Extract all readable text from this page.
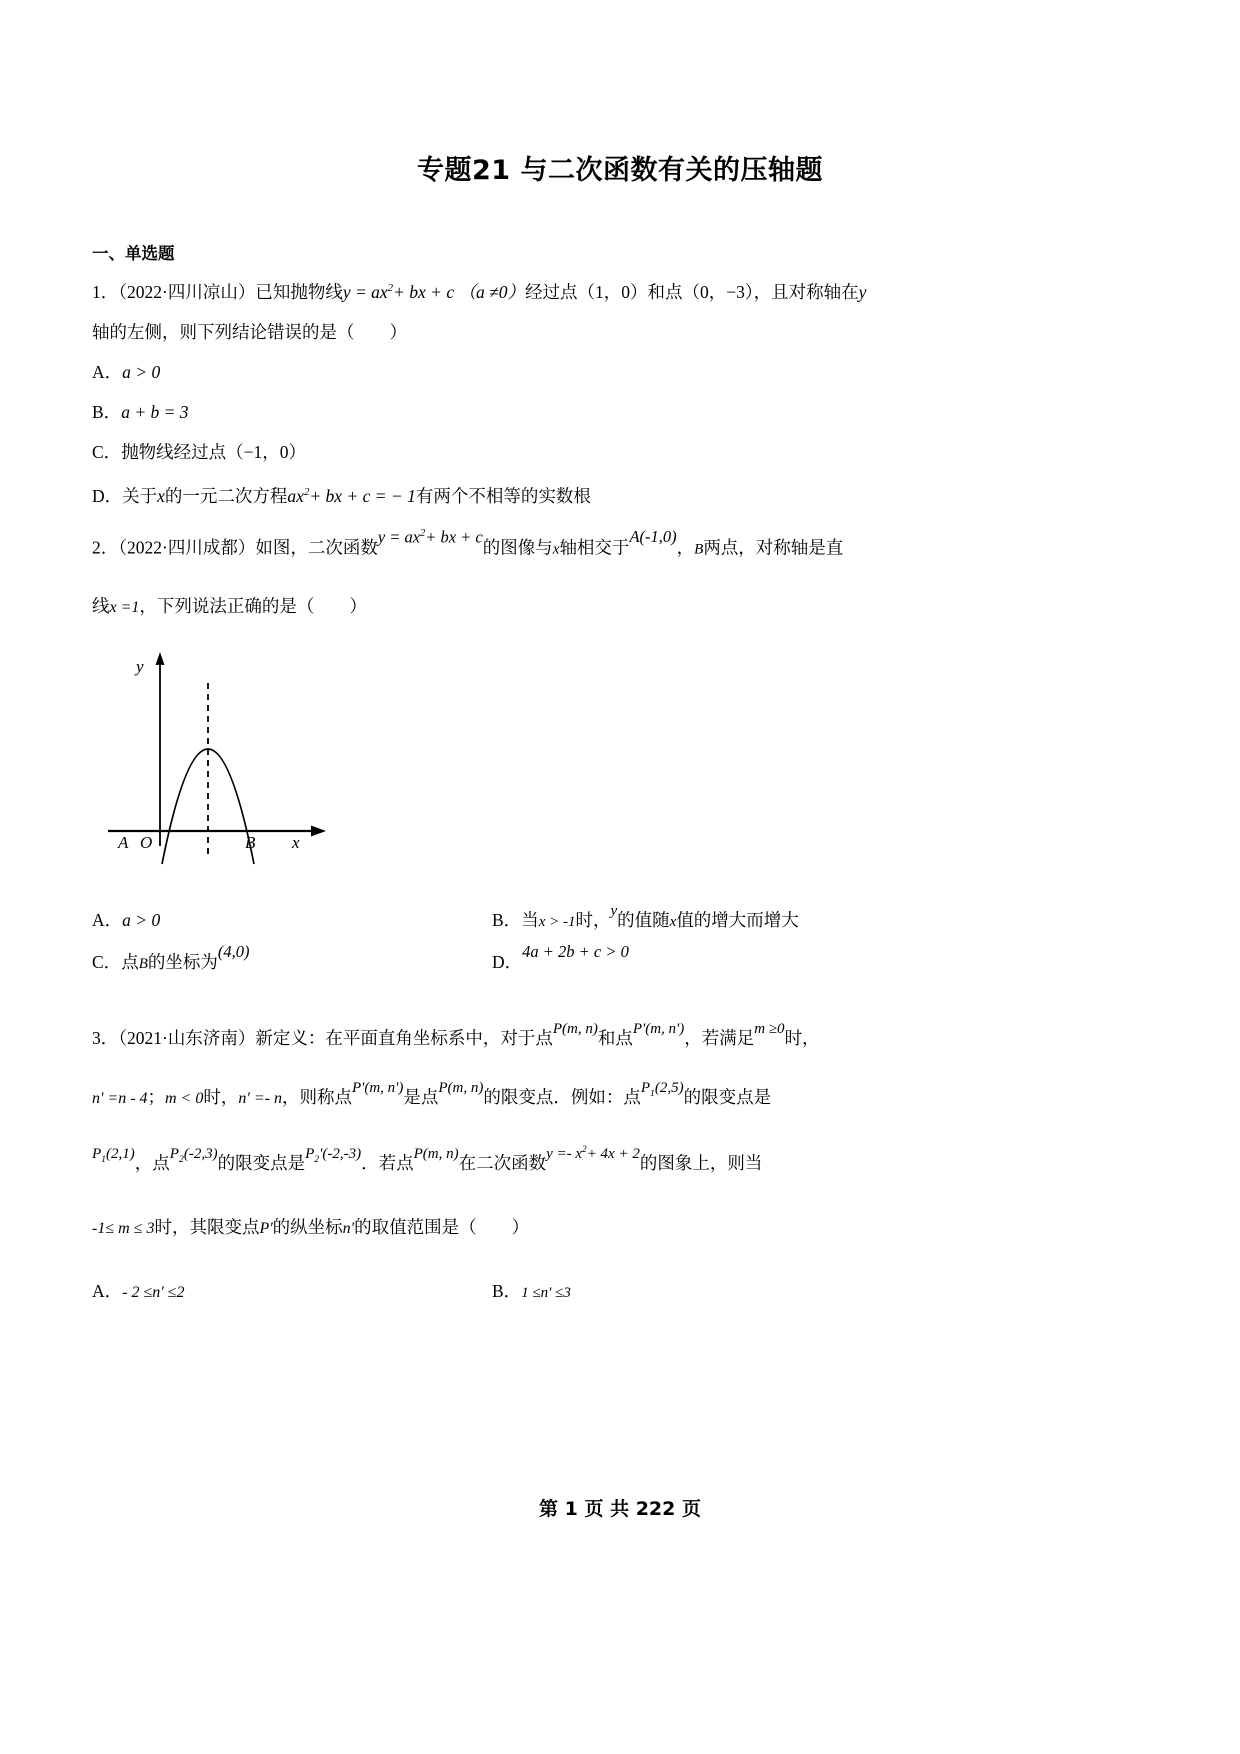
专题21 与二次函数有关的压轴题
一、单选题
1．（2022·四川凉山）已知抛物线$y = ax^2+$ bx + c （a ≠0）经过点（1，0）和点（0，−3），且对称轴在y
轴的左侧，则下列结论错误的是（　　）
A．a > 0
B．a + b = 3
C．抛物线经过点（−1，0）
D．关于x的一元二次方程$ax^2+$ bx + c = − 1有两个不相等的实数根
2．（2022·四川成都）如图，二次函数$y = ax^2+$ bx + c的图像与x轴相交于A(-1,0)，B两点，对称轴是直
线x =1，下列说法正确的是（　　）
A O	B x
y
A．a > 0	B．当x > -1时，y的值随x值的增大而增大
C．点B的坐标为(4,0)
D．4a + 2b + c > 0
3．（2021·山东济南）新定义：在平面直角坐标系中，对于点P(m, n)和点P'(m, n')，若满足m ≥0时，
n' =n - 4；m < 0时，n' =- n，则称点P'(m, n')是点P(m, n)的限变点．例如：点$P_1(2,5)$的限变点是
$P_1(2,1)$，点$P_2(-2,3)$的限变点是$P_2'(-2,-3)$．若点P(m, n)在二次函数$y =- x^2+ 4x + 2$的图象上，则当
-1≤ m ≤ 3时，其限变点P'的纵坐标n'的取值范围是（　　）
A．- 2 ≤n' ≤2	B．1 ≤n' ≤3
第 1 页 共 222 页
